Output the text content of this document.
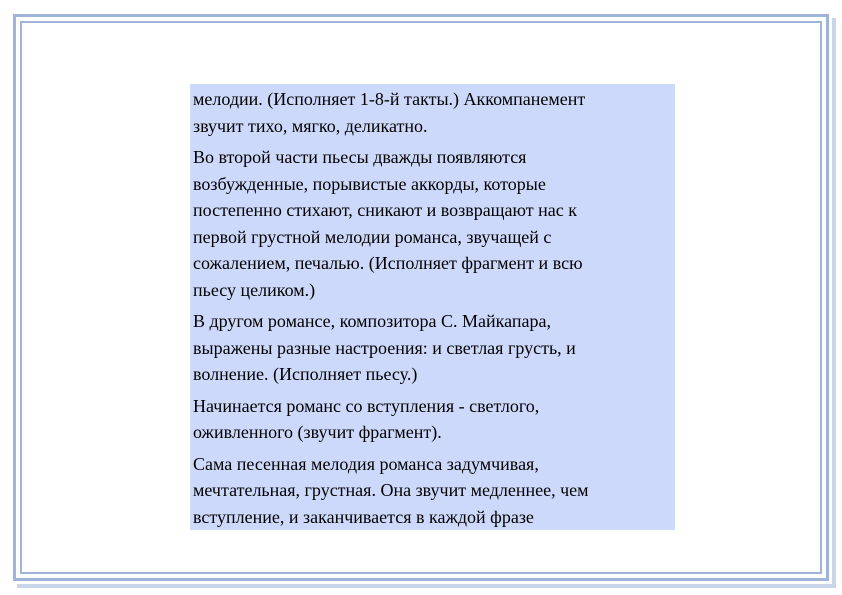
мелодии. (Исполняет 1-8-й такты.) Аккомпанемент
звучит тихо, мягко, деликатно.
Во второй части пьесы дважды появляются
возбужденные, порывистые аккорды, которые
постепенно стихают, сникают и возвращают нас к
первой грустной мелодии романса, звучащей с
сожалением, печалью. (Исполняет фрагмент и всю
пьесу целиком.)
В другом романсе, композитора С. Майкапара,
выражены разные настроения: и светлая грусть, и
волнение. (Исполняет пьесу.)
Начинается романс со вступления - светлого,
оживленного (звучит фрагмент).
Сама песенная мелодия романса задумчивая,
мечтательная, грустная. Она звучит медленнее, чем
вступление, и заканчивается в каждой фразе
